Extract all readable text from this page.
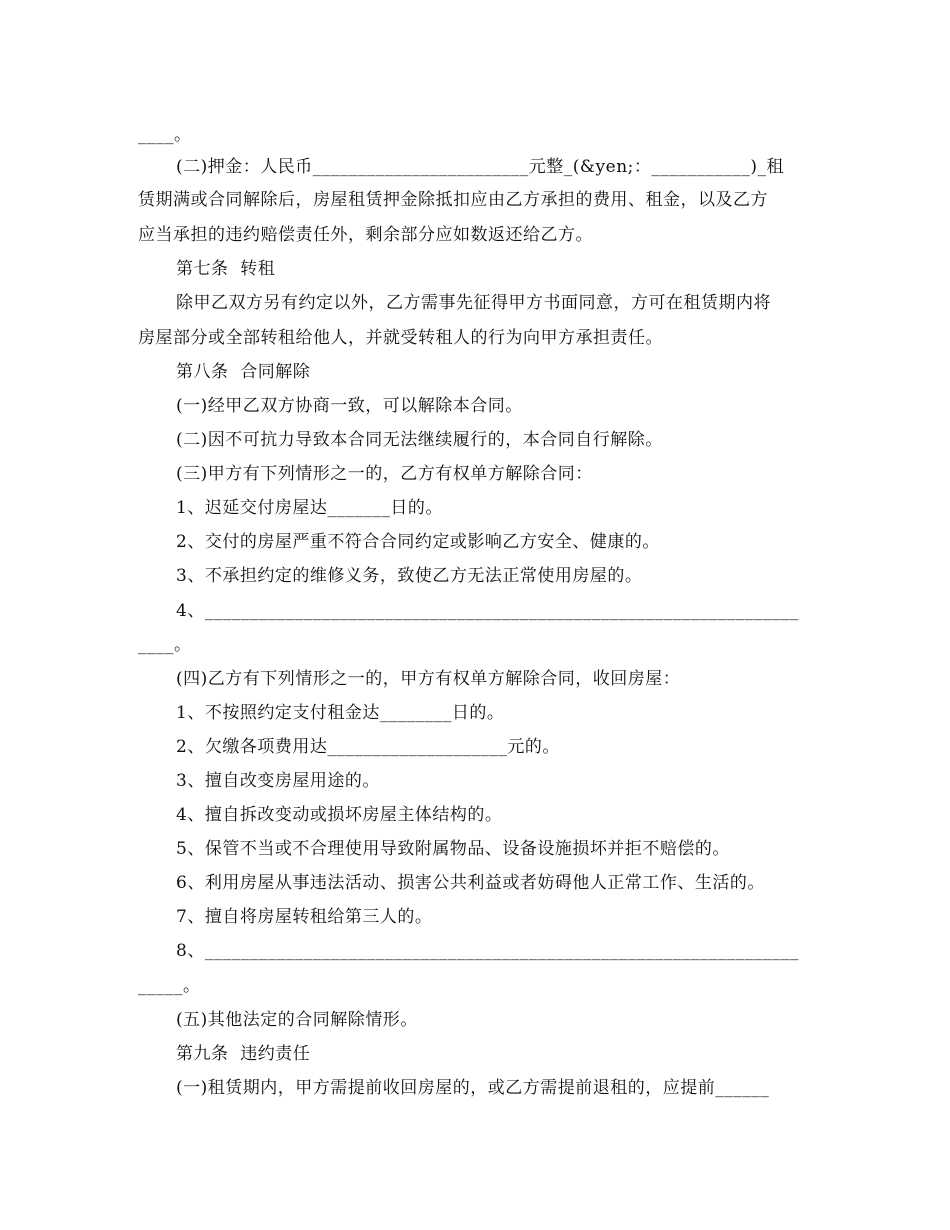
____。
(二)押金：人民币________________________元整_(&yen;：___________)_租
赁期满或合同解除后，房屋租赁押金除抵扣应由乙方承担的费用、租金，以及乙方
应当承担的违约赔偿责任外，剩余部分应如数返还给乙方。
第七条  转租
除甲乙双方另有约定以外，乙方需事先征得甲方书面同意，方可在租赁期内将
房屋部分或全部转租给他人，并就受转租人的行为向甲方承担责任。
第八条  合同解除
(一)经甲乙双方协商一致，可以解除本合同。
(二)因不可抗力导致本合同无法继续履行的，本合同自行解除。
(三)甲方有下列情形之一的，乙方有权单方解除合同：
1、迟延交付房屋达_______日的。
2、交付的房屋严重不符合合同约定或影响乙方安全、健康的。
3、不承担约定的维修义务，致使乙方无法正常使用房屋的。
4、__________________________________________________________________
____。
(四)乙方有下列情形之一的，甲方有权单方解除合同，收回房屋：
1、不按照约定支付租金达________日的。
2、欠缴各项费用达____________________元的。
3、擅自改变房屋用途的。
4、擅自拆改变动或损坏房屋主体结构的。
5、保管不当或不合理使用导致附属物品、设备设施损坏并拒不赔偿的。
6、利用房屋从事违法活动、损害公共利益或者妨碍他人正常工作、生活的。
7、擅自将房屋转租给第三人的。
8、__________________________________________________________________
_____。
(五)其他法定的合同解除情形。
第九条  违约责任
(一)租赁期内，甲方需提前收回房屋的，或乙方需提前退租的，应提前______
